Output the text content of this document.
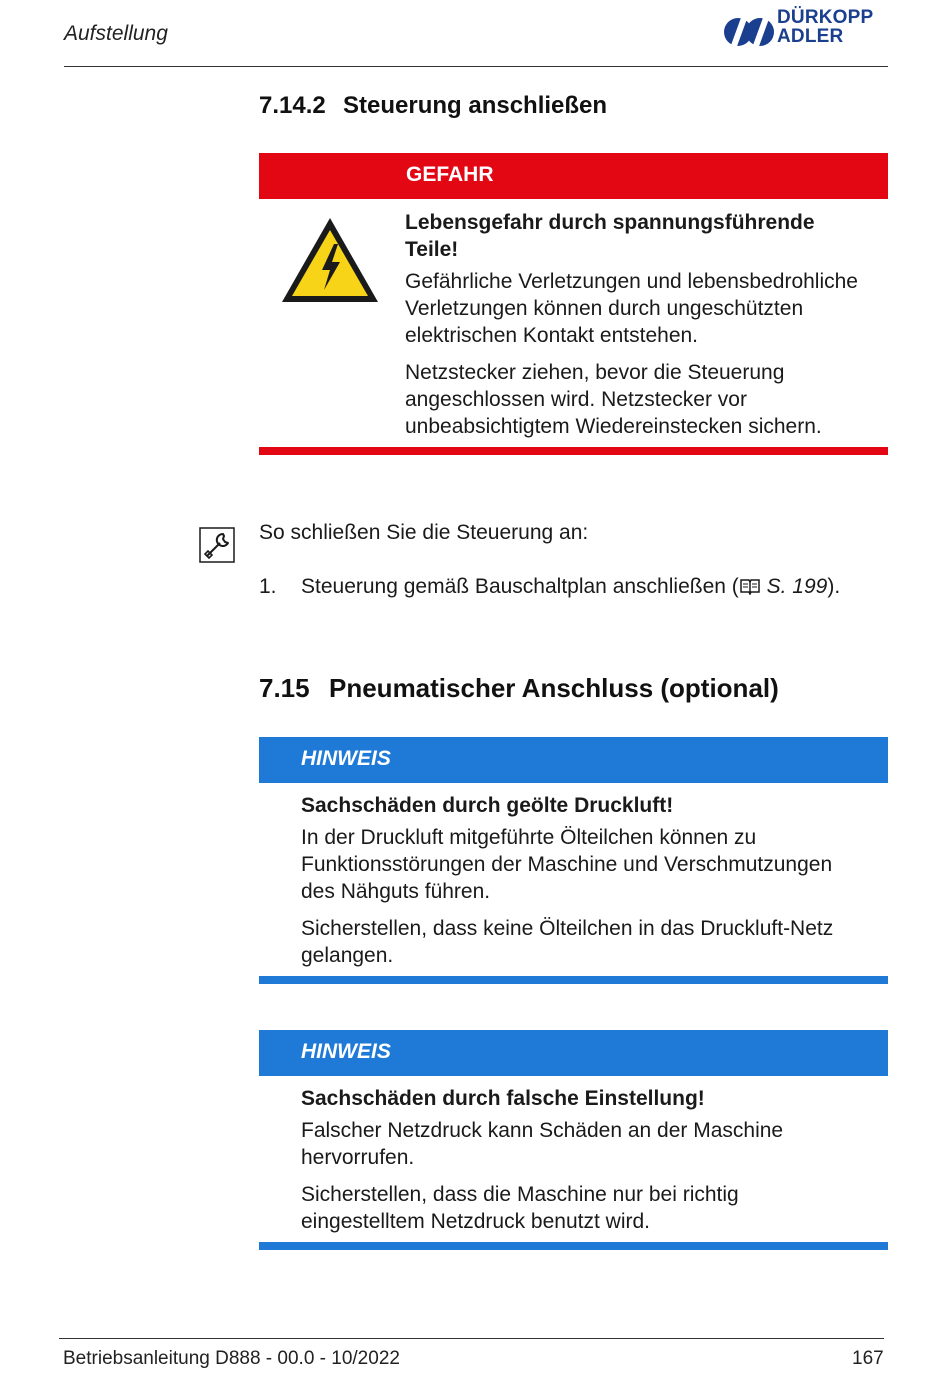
Aufstellung
DÜRKOPP
ADLER
7.14.2 Steuerung anschließen
GEFAHR
Lebensgefahr durch spannungsführende
Teile!
Gefährliche Verletzungen und lebensbedrohliche
Verletzungen können durch ungeschützten
elektrischen Kontakt entstehen.
Netzstecker ziehen, bevor die Steuerung
angeschlossen wird. Netzstecker vor
unbeabsichtigtem Wiedereinstecken sichern.
So schließen Sie die Steuerung an:
1. Steuerung gemäß Bauschaltplan anschließen ( S. 199).
7.15 Pneumatischer Anschluss (optional)
HINWEIS
Sachschäden durch geölte Druckluft!
In der Druckluft mitgeführte Ölteilchen können zu
Funktionsstörungen der Maschine und Verschmutzungen
des Nähguts führen.
Sicherstellen, dass keine Ölteilchen in das Druckluft-Netz
gelangen.
HINWEIS
Sachschäden durch falsche Einstellung!
Falscher Netzdruck kann Schäden an der Maschine
hervorrufen.
Sicherstellen, dass die Maschine nur bei richtig
eingestelltem Netzdruck benutzt wird.
Betriebsanleitung D888 - 00.0 - 10/2022	167
